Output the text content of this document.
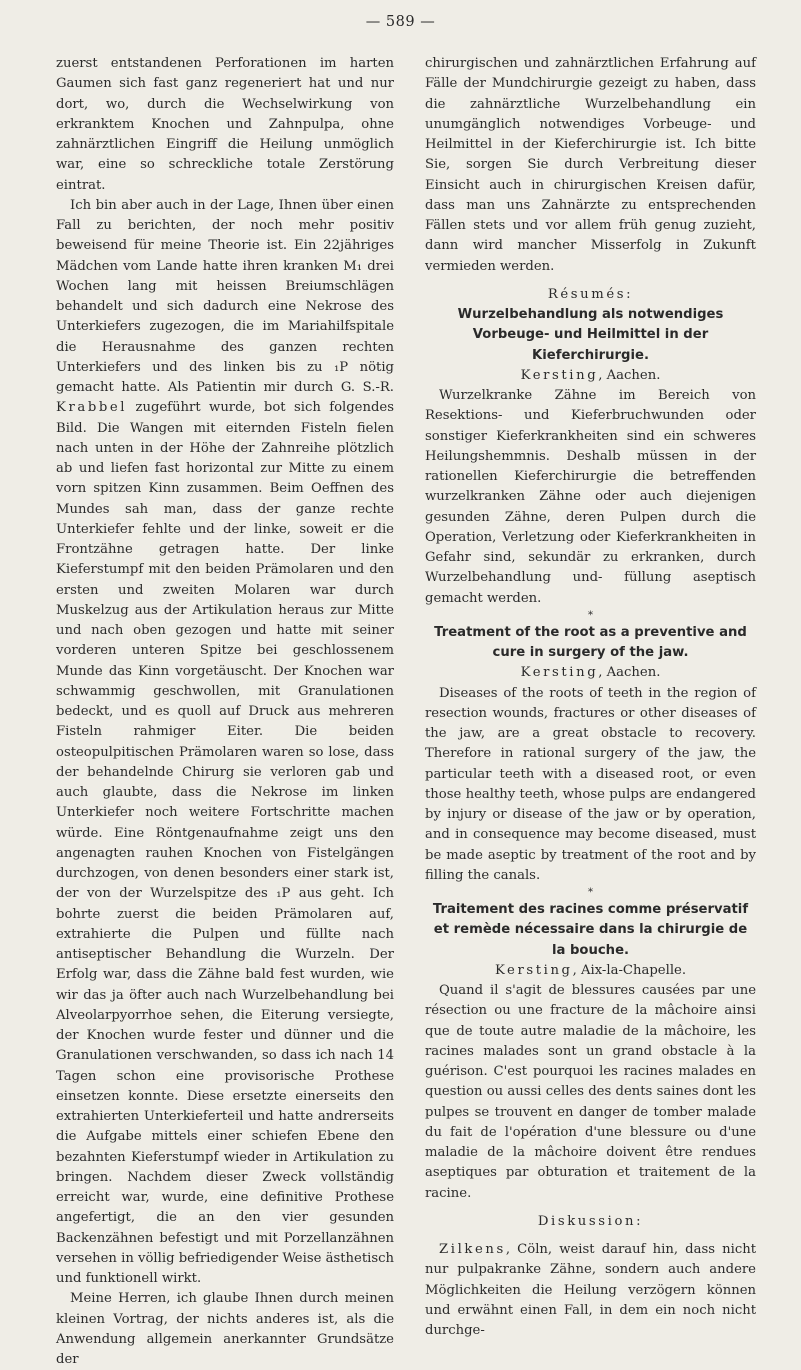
— 589 —

zuerst entstandenen Perforationen im harten Gaumen sich fast ganz regeneriert hat und nur dort, wo, durch die Wechselwirkung von erkranktem Knochen und Zahnpulpa, ohne zahnärztlichen Eingriff die Heilung unmöglich war, eine so schreckliche totale Zerstörung eintrat.

Ich bin aber auch in der Lage, Ihnen über einen Fall zu berichten, der noch mehr positiv beweisend für meine Theorie ist. Ein 22jähriges Mädchen vom Lande hatte ihren kranken M₁ drei Wochen lang mit heissen Breiumschlägen behandelt und sich dadurch eine Nekrose des Unterkiefers zugezogen, die im Mariahilfspitale die Herausnahme des ganzen rechten Unterkiefers und des linken bis zu ₁P nötig gemacht hatte. Als Patientin mir durch G. S.-R. Krabbel zugeführt wurde, bot sich folgendes Bild. Die Wangen mit eiternden Fisteln fielen nach unten in der Höhe der Zahnreihe plötzlich ab und liefen fast horizontal zur Mitte zu einem vorn spitzen Kinn zusammen. Beim Oeffnen des Mundes sah man, dass der ganze rechte Unterkiefer fehlte und der linke, soweit er die Frontzähne getragen hatte. Der linke Kieferstumpf mit den beiden Prämolaren und den ersten und zweiten Molaren war durch Muskelzug aus der Artikulation heraus zur Mitte und nach oben gezogen und hatte mit seiner vorderen unteren Spitze bei geschlossenem Munde das Kinn vorgetäuscht. Der Knochen war schwammig geschwollen, mit Granulationen bedeckt, und es quoll auf Druck aus mehreren Fisteln rahmiger Eiter. Die beiden osteopulpitischen Prämolaren waren so lose, dass der behandelnde Chirurg sie verloren gab und auch glaubte, dass die Nekrose im linken Unterkiefer noch weitere Fortschritte machen würde. Eine Röntgenaufnahme zeigt uns den angenagten rauhen Knochen von Fistelgängen durchzogen, von denen besonders einer stark ist, der von der Wurzelspitze des ₁P aus geht. Ich bohrte zuerst die beiden Prämolaren auf, extrahierte die Pulpen und füllte nach antiseptischer Behandlung die Wurzeln. Der Erfolg war, dass die Zähne bald fest wurden, wie wir das ja öfter auch nach Wurzelbehandlung bei Alveolarpyorrhoe sehen, die Eiterung versiegte, der Knochen wurde fester und dünner und die Granulationen verschwanden, so dass ich nach 14 Tagen schon eine provisorische Prothese einsetzen konnte. Diese ersetzte einerseits den extrahierten Unterkieferteil und hatte andrerseits die Aufgabe mittels einer schiefen Ebene den bezahnten Kieferstumpf wieder in Artikulation zu bringen. Nachdem dieser Zweck vollständig erreicht war, wurde, eine definitive Prothese angefertigt, die an den vier gesunden Backenzähnen befestigt und mit Porzellanzähnen versehen in völlig befriedigender Weise ästhetisch und funktionell wirkt.

Meine Herren, ich glaube Ihnen durch meinen kleinen Vortrag, der nichts anderes ist, als die Anwendung allgemein anerkannter Grundsätze der

chirurgischen und zahnärztlichen Erfahrung auf Fälle der Mundchirurgie gezeigt zu haben, dass die zahnärztliche Wurzelbehandlung ein unumgänglich notwendiges Vorbeuge- und Heilmittel in der Kieferchirurgie ist. Ich bitte Sie, sorgen Sie durch Verbreitung dieser Einsicht auch in chirurgischen Kreisen dafür, dass man uns Zahnärzte zu entsprechenden Fällen stets und vor allem früh genug zuzieht, dann wird mancher Misserfolg in Zukunft vermieden werden.

Résumés:

Wurzelbehandlung als notwendiges Vorbeuge- und Heilmittel in der Kieferchirurgie.

Kersting, Aachen.

Wurzelkranke Zähne im Bereich von Resektions- und Kieferbruchwunden oder sonstiger Kieferkrankheiten sind ein schweres Heilungshemmnis. Deshalb müssen in der rationellen Kieferchirurgie die betreffenden wurzelkranken Zähne oder auch diejenigen gesunden Zähne, deren Pulpen durch die Operation, Verletzung oder Kieferkrankheiten in Gefahr sind, sekundär zu erkranken, durch Wurzelbehandlung und- füllung aseptisch gemacht werden.

*

Treatment of the root as a preventive and cure in surgery of the jaw.

Kersting, Aachen.

Diseases of the roots of teeth in the region of resection wounds, fractures or other diseases of the jaw, are a great obstacle to recovery. Therefore in rational surgery of the jaw, the particular teeth with a diseased root, or even those healthy teeth, whose pulps are endangered by injury or disease of the jaw or by operation, and in consequence may become diseased, must be made aseptic by treatment of the root and by filling the canals.

*

Traitement des racines comme préservatif et remède nécessaire dans la chirurgie de la bouche.

Kersting, Aix-la-Chapelle.

Quand il s'agit de blessures causées par une résection ou une fracture de la mâchoire ainsi que de toute autre maladie de la mâchoire, les racines malades sont un grand obstacle à la guérison. C'est pourquoi les racines malades en question ou aussi celles des dents saines dont les pulpes se trouvent en danger de tomber malade du fait de l'opération d'une blessure ou d'une maladie de la mâchoire doivent être rendues aseptiques par obturation et traitement de la racine.

Diskussion:

Zilkens, Cöln, weist darauf hin, dass nicht nur pulpakranke Zähne, sondern auch andere Möglichkeiten die Heilung verzögern können und erwähnt einen Fall, in dem ein noch nicht durchge-
